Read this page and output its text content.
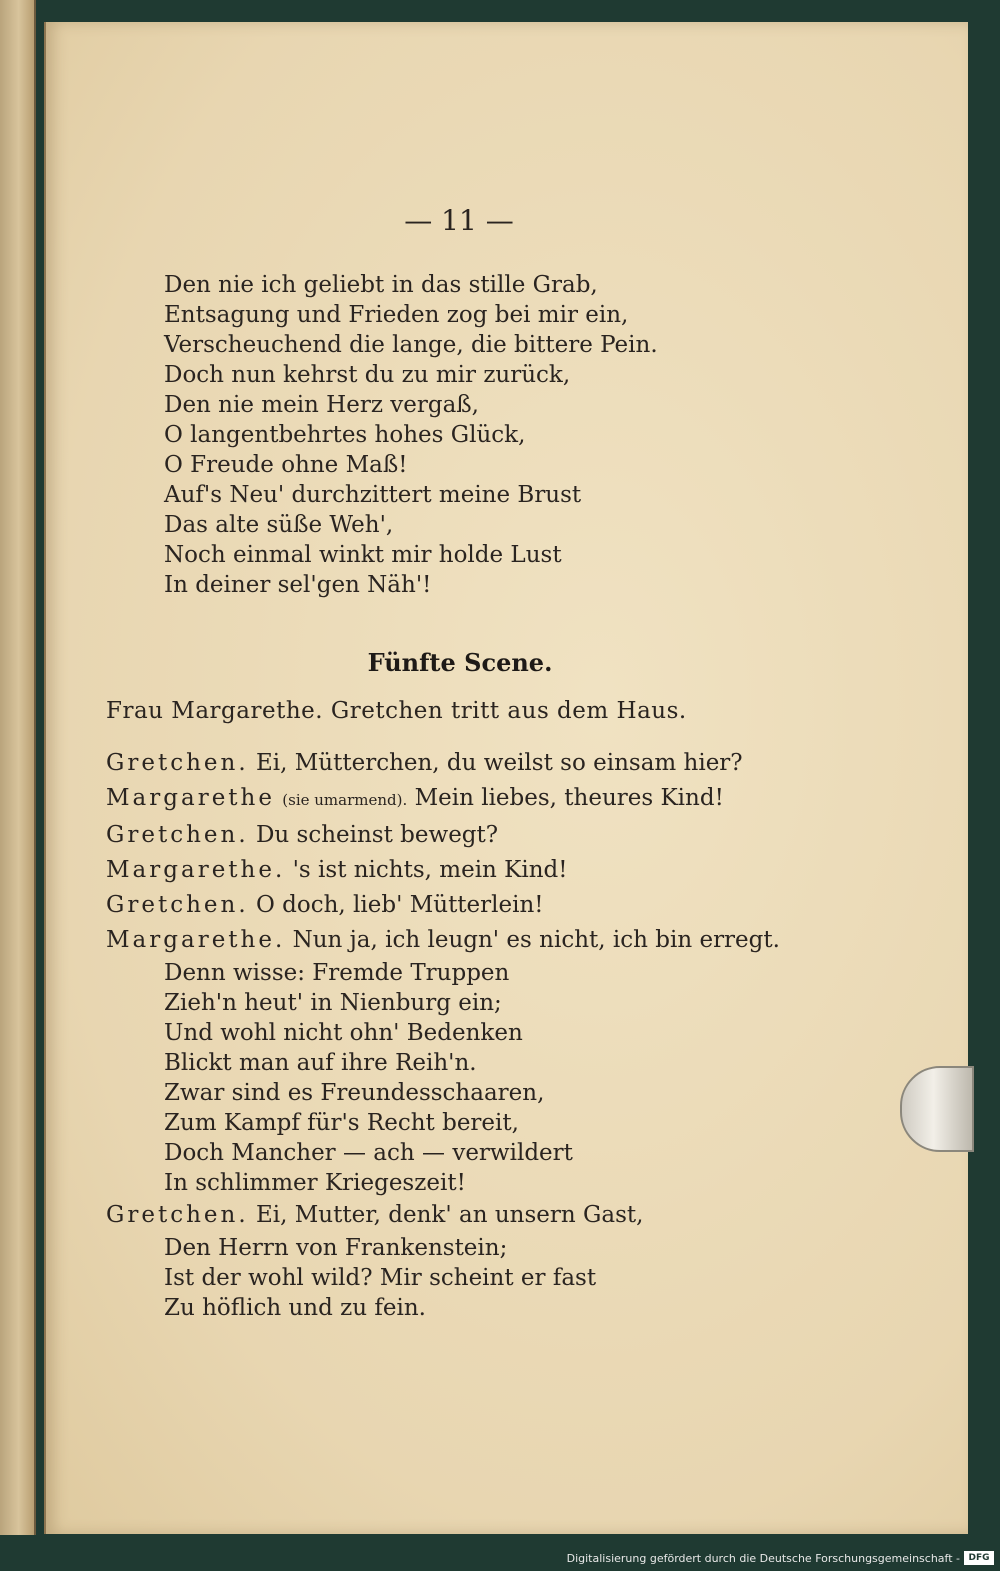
— 11 —
Den nie ich geliebt in das stille Grab,
Entsagung und Frieden zog bei mir ein,
Verscheuchend die lange, die bittere Pein.
Doch nun kehrst du zu mir zurück,
Den nie mein Herz vergaß,
O langentbehrtes hohes Glück,
O Freude ohne Maß!
Auf's Neu' durchzittert meine Brust
Das alte süße Weh',
Noch einmal winkt mir holde Lust
In deiner sel'gen Näh'!
Fünfte Scene.
Frau Margarethe. Gretchen tritt aus dem Haus.
Gretchen. Ei, Mütterchen, du weilst so einsam hier?
Margarethe (sie umarmend). Mein liebes, theures Kind!
Gretchen. Du scheinst bewegt?
Margarethe. 's ist nichts, mein Kind!
Gretchen. O doch, lieb' Mütterlein!
Margarethe. Nun ja, ich leugn' es nicht, ich bin erregt.
Denn wisse: Fremde Truppen
Zieh'n heut' in Nienburg ein;
Und wohl nicht ohn' Bedenken
Blickt man auf ihre Reih'n.
Zwar sind es Freundesschaaren,
Zum Kampf für's Recht bereit,
Doch Mancher — ach — verwildert
In schlimmer Kriegeszeit!
Gretchen. Ei, Mutter, denk' an unsern Gast,
Den Herrn von Frankenstein;
Ist der wohl wild? Mir scheint er fast
Zu höflich und zu fein.
Digitalisierung gefördert durch die Deutsche Forschungsgemeinschaft - DFG
